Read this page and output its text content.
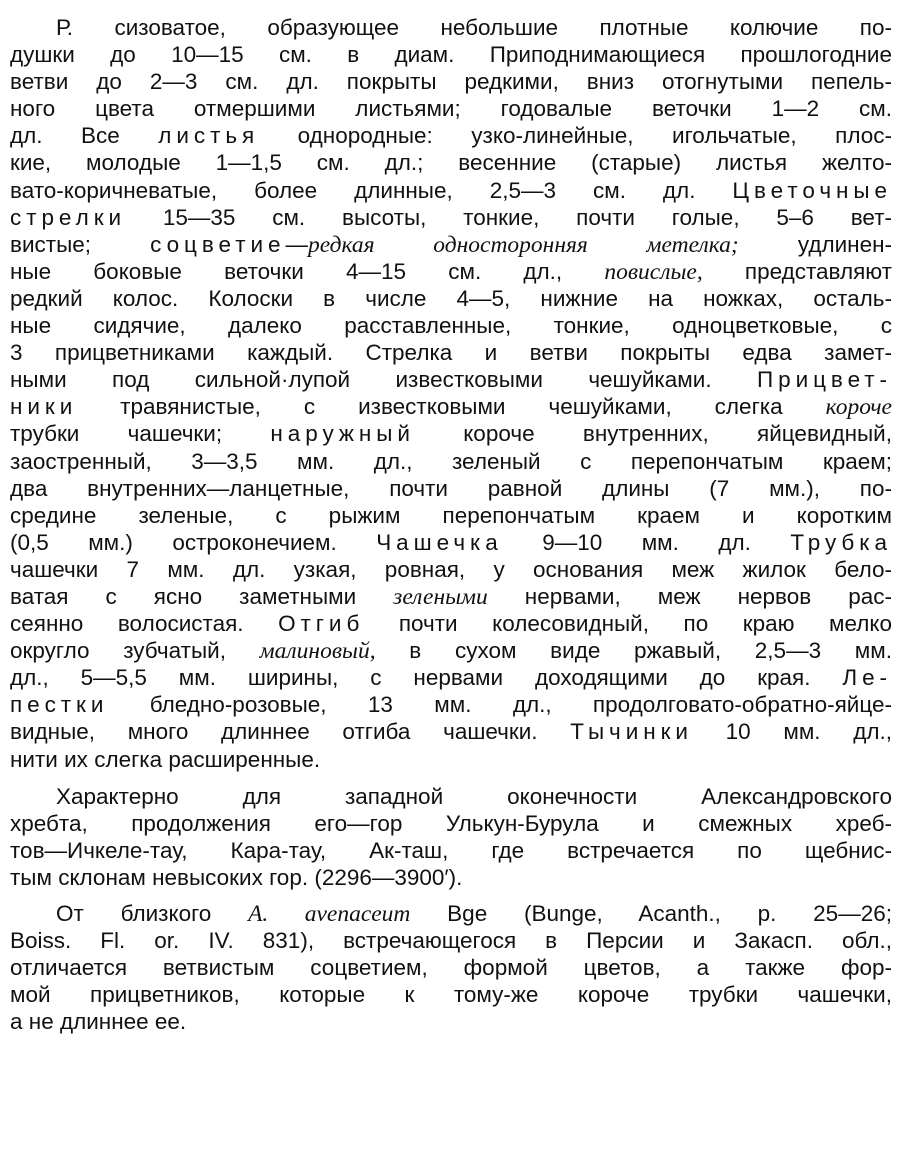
Р. сизоватое, образующее небольшие плотные колючие по-
душки до 10—15 см. в диам. Приподнимающиеся прошлогодние
ветви до 2—3 см. дл. покрыты редкими, вниз отогнутыми пепель-
ного цвета отмершими листьями; годовалые веточки 1—2 см.
дл. Все листья однородные: узко-линейные, игольчатые, плос-
кие, молодые 1—1,5 см. дл.; весенние (старые) листья желто-
вато-коричневатые, более длинные, 2,5—3 см. дл. Цветочные
стрелки 15—35 см. высоты, тонкие, почти голые, 5–6 вет-
вистые; соцветие—редкая односторонняя метелка; удлинен-
ные боковые веточки 4—15 см. дл., повислые, представляют
редкий колос. Колоски в числе 4—5, нижние на ножках, осталь-
ные сидячие, далеко расставленные, тонкие, одноцветковые, с
3 прицветниками каждый. Стрелка и ветви покрыты едва замет-
ными под сильной·лупой известковыми чешуйками. Прицвет-
ники травянистые, с известковыми чешуйками, слегка короче
трубки чашечки; наружный короче внутренних, яйцевидный,
заостренный, 3—3,5 мм. дл., зеленый с перепончатым краем;
два внутренних—ланцетные, почти равной длины (7 мм.), по-
средине зеленые, с рыжим перепончатым краем и коротким
(0,5 мм.) остроконечием. Чашечка 9—10 мм. дл. Трубка
чашечки 7 мм. дл. узкая, ровная, у основания меж жилок бело-
ватая с ясно заметными зелеными нервами, меж нервов рас-
сеянно волосистая. Отгиб почти колесовидный, по краю мелко
округло зубчатый, малиновый, в сухом виде ржавый, 2,5—3 мм.
дл., 5—5,5 мм. ширины, с нервами доходящими до края. Ле-
пестки бледно-розовые, 13 мм. дл., продолговато-обратно-яйце-
видные, много длиннее отгиба чашечки. Тычинки 10 мм. дл.,
нити их слегка расширенные.
Характерно для западной оконечности Александровского
хребта, продолжения его—гор Улькун-Бурула и смежных хреб-
тов—Ичкеле-тау, Кара-тау, Ак-таш, где встречается по щебнис-
тым склонам невысоких гор. (2296—3900′).
От близкого A. avenaceum Bge (Bunge, Acanth., p. 25—26;
Boiss. Fl. or. IV. 831), встречающегося в Персии и Закасп. обл.,
отличается ветвистым соцветием, формой цветов, а также фор-
мой прицветников, которые к тому-же короче трубки чашечки,
а не длиннее ее.
